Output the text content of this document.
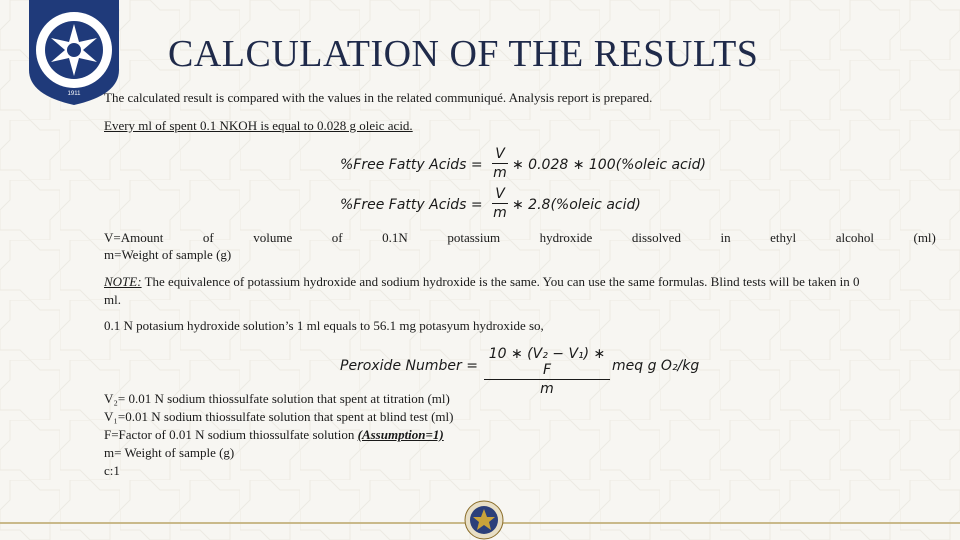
1911
CALCULATION OF THE RESULTS
The calculated result is compared with the values in the related communiqué. Analysis report is prepared.
Every ml of spent 0.1 NKOH is equal to 0.028 g oleic acid.
%Free Fatty Acids =
V
m ∗ 0.028 ∗ 100(%oleic acid)
%Free Fatty Acids =
V
m ∗ 2.8(%oleic acid)
V=Amount	of	volume	of	0.1N	potassium	hydroxide	dissolved	in	ethyl	alcohol	(ml)
m=Weight of sample (g)
NOTE: The equivalence of potassium hydroxide and sodium hydroxide is the same. You can use the same formulas. Blind tests will be taken in 0
ml.
0.1 N potasium hydroxide solution’s 1 ml equals to 56.1 mg potasyum hydroxide so,
Peroxide Number =
10 ∗ (V₂ − V₁) ∗ F
m
meq g O₂/kg
V₂= 0.01 N sodium thiossulfate solution that spent at titration (ml)
V₁=0.01 N sodium thiossulfate solution that spent at blind test (ml)
F=Factor of 0.01 N sodium thiossulfate solution (Assumption=1)
m= Weight of sample (g)
c:1
